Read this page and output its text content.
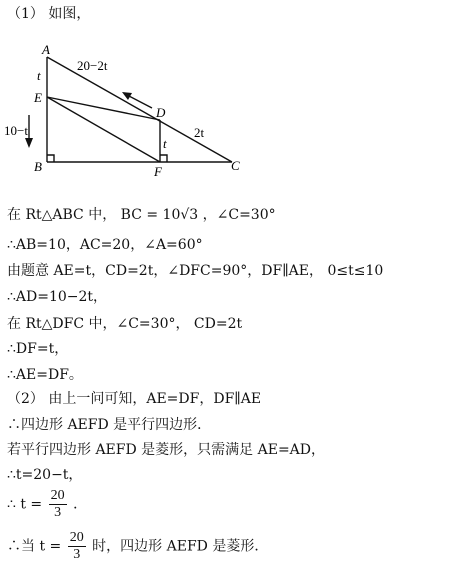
（1） 如图，
A
t
E
10−t
B
20−2t
D
t
2t
F	C
在 Rt△ABC 中， BC = 10√3 ，∠C=30°
∴AB=10，AC=20，∠A=60°
由题意 AE=t，CD=2t，∠DFC=90°，DF∥AE， 0≤t≤10
∴AD=10−2t，
在 Rt△DFC 中，∠C=30°， CD=2t
∴DF=t，
∴AE=DF。
（2） 由上一问可知，AE=DF，DF∥AE
∴四边形 AEFD 是平行四边形．
若平行四边形 AEFD 是菱形，只需满足 AE=AD，
∴t=20−t，
∴ $t = \frac{20}{3}$ ．
∴当 $t = \frac{20}{3}$ 时，四边形 AEFD 是菱形．
